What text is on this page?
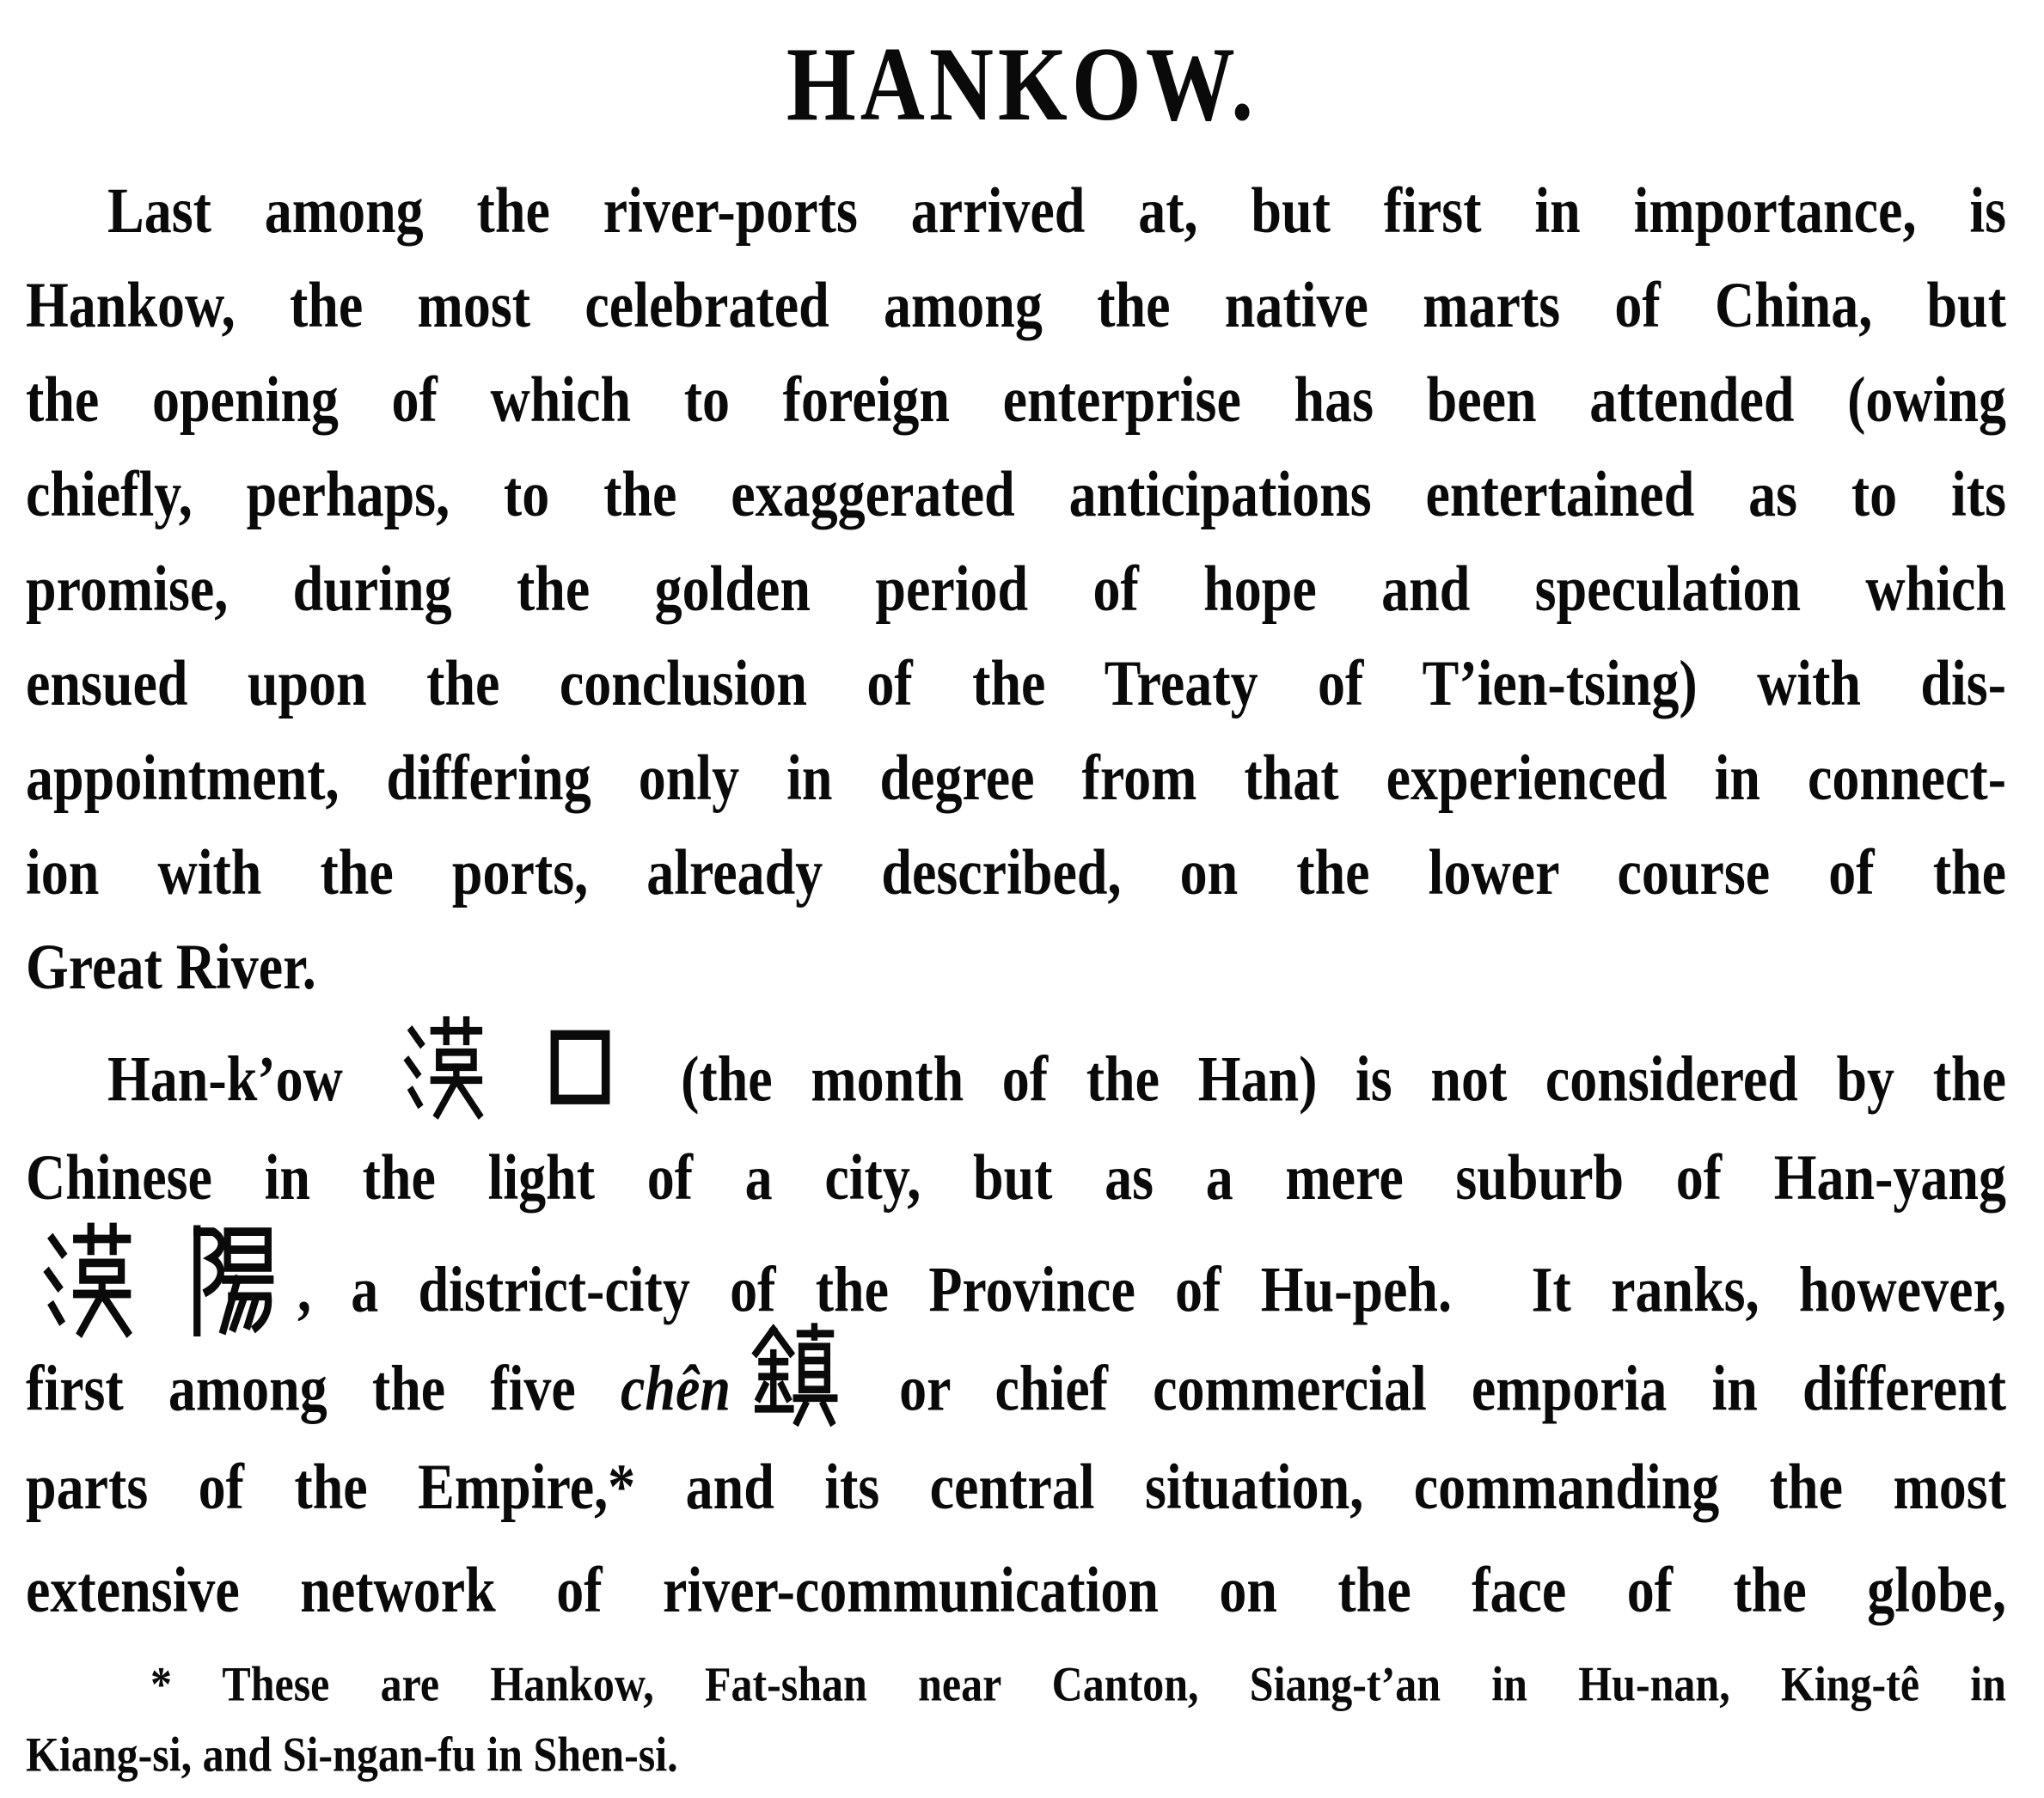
HANKOW.
Last among the river-ports arrived at, but first in importance, is
Hankow, the most celebrated among the native marts of China, but
the opening of which to foreign enterprise has been attended (owing
chiefly, perhaps, to the exaggerated anticipations entertained as to its
promise, during the golden period of hope and speculation which
ensued upon the conclusion of the Treaty of T’ien-tsing) with dis-
appointment, differing only in degree from that experienced in connect-
ion with the ports, already described, on the lower course of the
Great River.
Han-k’ow	(the month of the Han) is not considered by the
Chinese in the light of a city, but as a mere suburb of Han-yang
, a district-city of the Province of Hu-peh.  It ranks, however,
first among the five chên or chief commercial emporia in different
parts of the Empire,* and its central situation, commanding the most
extensive network of river-communication on the face of the globe,
* These are Hankow, Fat-shan near Canton, Siang-t’an in Hu-nan, King-tê in
Kiang-si, and Si-ngan-fu in Shen-si.
